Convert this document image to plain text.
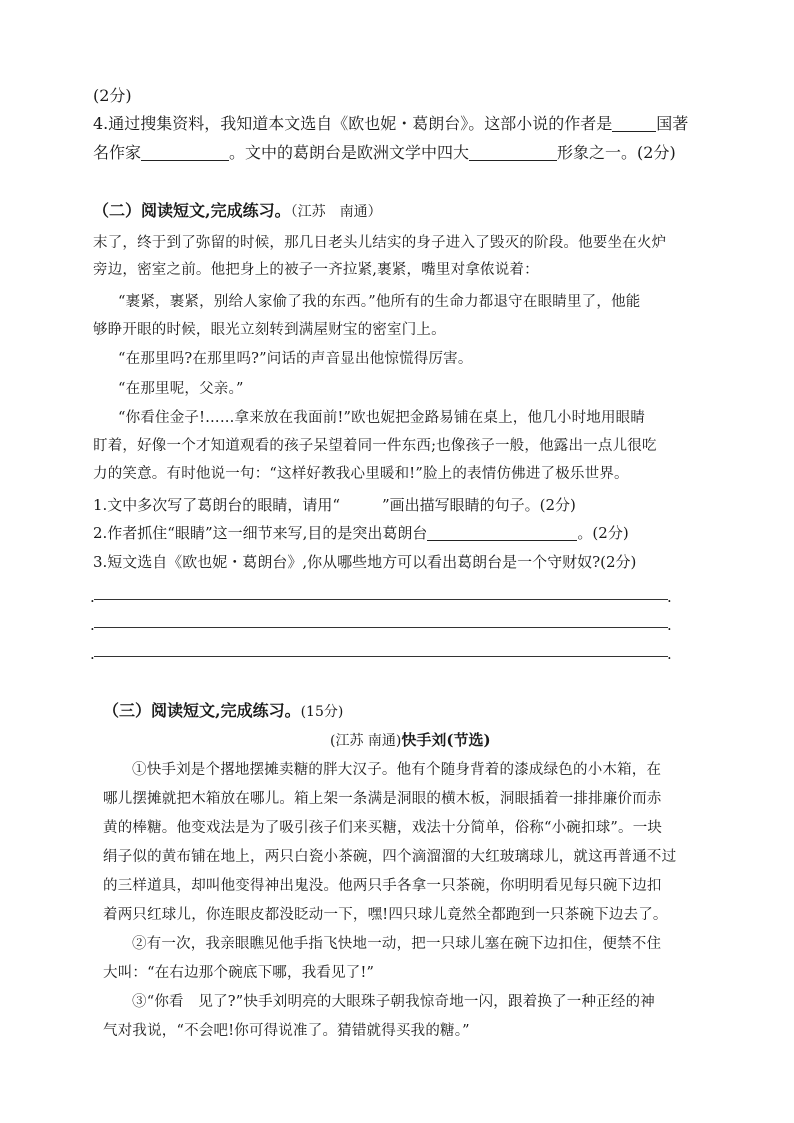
(2分)
4.通过搜集资料，我知道本文选自《欧也妮・葛朗台》。这部小说的作者是	国著
名作家	。文中的葛朗台是欧洲文学中四大	形象之一。(2分)
（二）阅读短文,完成练习。（江苏　南通）
末了，终于到了弥留的时候，那几日老头儿结实的身子进入了毁灭的阶段。他要坐在火炉
旁边，密室之前。他把身上的被子一齐拉紧,裹紧，嘴里对拿侬说着：
“裹紧，裹紧，别给人家偷了我的东西。”他所有的生命力都退守在眼睛里了，他能
够睁开眼的时候，眼光立刻转到满屋财宝的密室门上。
“在那里吗?在那里吗?”问话的声音显出他惊慌得厉害。
“在那里呢，父亲。”
“你看住金子!……拿来放在我面前!”欧也妮把金路易铺在桌上，他几小时地用眼睛
盯着，好像一个才知道观看的孩子呆望着同一件东西;也像孩子一般，他露出一点儿很吃
力的笑意。有时他说一句：“这样好教我心里暖和!”脸上的表情仿佛进了极乐世界。
1.文中多次写了葛朗台的眼睛，请用“	”画出描写眼睛的句子。(2分)
2.作者抓住“眼睛”这一细节来写,目的是突出葛朗台	。(2分)
3.短文选自《欧也妮・葛朗台》,你从哪些地方可以看出葛朗台是一个守财奴?(2分)
.	.
.	.
.	.
（三）阅读短文,完成练习。(15分)
(江苏 南通)快手刘(节选)
①快手刘是个撂地摆摊卖糖的胖大汉子。他有个随身背着的漆成绿色的小木箱，在
哪儿摆摊就把木箱放在哪儿。箱上架一条满是洞眼的横木板，洞眼插着一排排廉价而赤
黄的棒糖。他变戏法是为了吸引孩子们来买糖，戏法十分简单，俗称“小碗扣球”。一块
绢子似的黄布铺在地上，两只白瓷小茶碗，四个滴溜溜的大红玻璃球儿，就这再普通不过
的三样道具，却叫他变得神出鬼没。他两只手各拿一只茶碗，你明明看见每只碗下边扣
着两只红球儿，你连眼皮都没眨动一下，嘿!四只球儿竟然全都跑到一只茶碗下边去了。
②有一次，我亲眼瞧见他手指飞快地一动，把一只球儿塞在碗下边扣住，便禁不住
大叫：“在右边那个碗底下哪，我看见了!”
③“你看　见了?”快手刘明亮的大眼珠子朝我惊奇地一闪，跟着换了一种正经的神
气对我说，“不会吧!你可得说准了。猜错就得买我的糖。”
